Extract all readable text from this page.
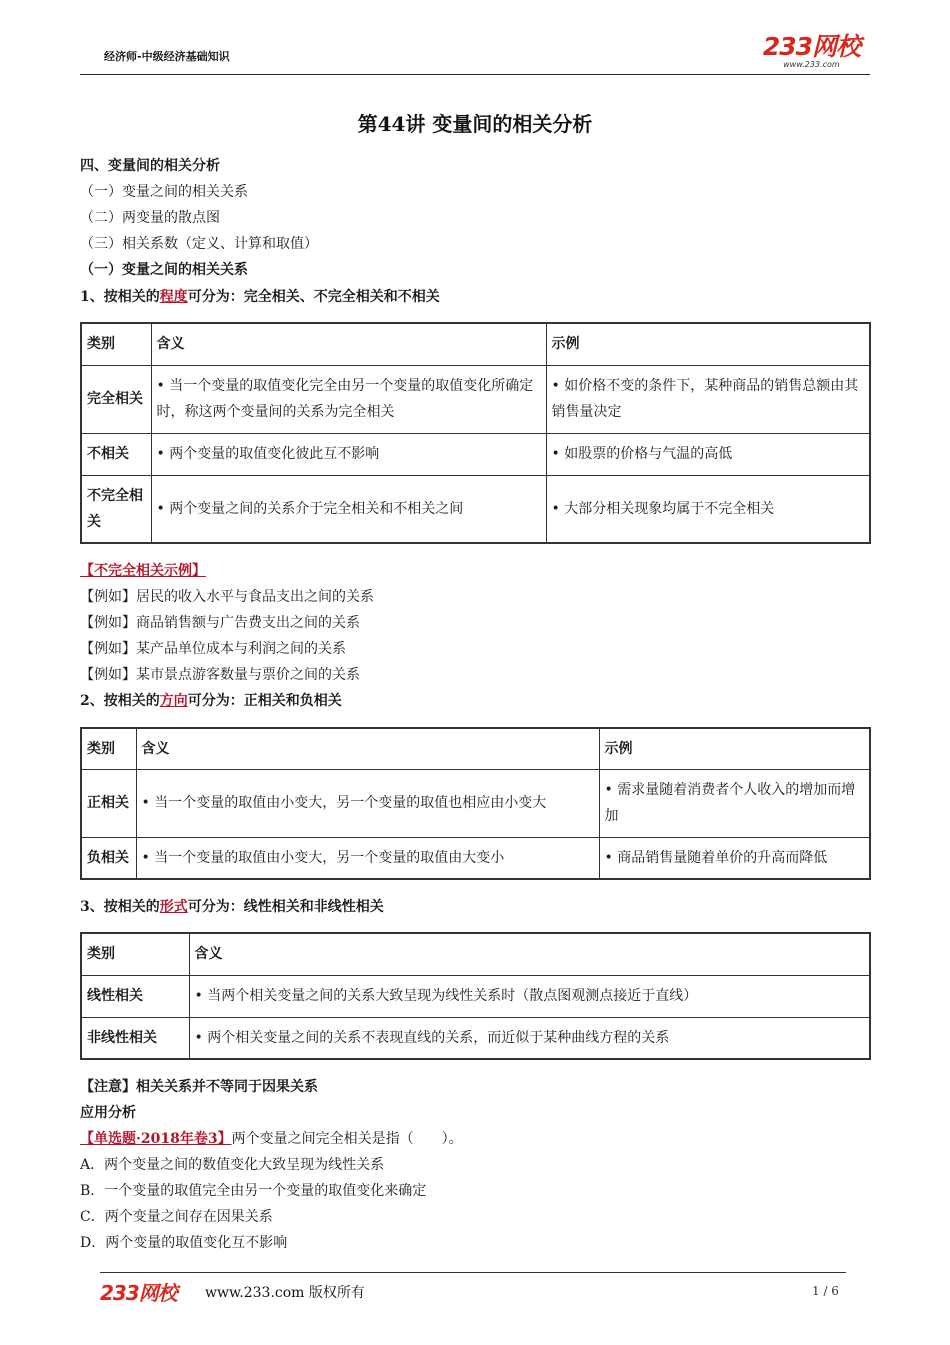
经济师-中级经济基础知识	233网校
www.233.com
第44讲 变量间的相关分析
四、变量间的相关分析
（一）变量之间的相关关系
（二）两变量的散点图
（三）相关系数（定义、计算和取值）
（一）变量之间的相关关系
1、按相关的程度可分为：完全相关、不完全相关和不相关
类别	含义	示例
完全相关	• 当一个变量的取值变化完全由另一个变量的取值变化所确定时，称这两个变量间的关系为完全相关	• 如价格不变的条件下，某种商品的销售总额由其销售量决定
不相关	• 两个变量的取值变化彼此互不影响	• 如股票的价格与气温的高低
不完全相关	• 两个变量之间的关系介于完全相关和不相关之间	• 大部分相关现象均属于不完全相关
【不完全相关示例】
【例如】居民的收入水平与食品支出之间的关系
【例如】商品销售额与广告费支出之间的关系
【例如】某产品单位成本与利润之间的关系
【例如】某市景点游客数量与票价之间的关系
2、按相关的方向可分为：正相关和负相关
类别	含义	示例
正相关	• 当一个变量的取值由小变大，另一个变量的取值也相应由小变大	• 需求量随着消费者个人收入的增加而增加
负相关	• 当一个变量的取值由小变大，另一个变量的取值由大变小	• 商品销售量随着单价的升高而降低
3、按相关的形式可分为：线性相关和非线性相关
类别	含义
线性相关	• 当两个相关变量之间的关系大致呈现为线性关系时（散点图观测点接近于直线）
非线性相关	• 两个相关变量之间的关系不表现直线的关系，而近似于某种曲线方程的关系
【注意】相关关系并不等同于因果关系
应用分析
【单选题·2018年卷3】两个变量之间完全相关是指（　　）。
A．两个变量之间的数值变化大致呈现为线性关系
B．一个变量的取值完全由另一个变量的取值变化来确定
C．两个变量之间存在因果关系
D．两个变量的取值变化互不影响
233网校 www.233.com 版权所有	1 / 6
